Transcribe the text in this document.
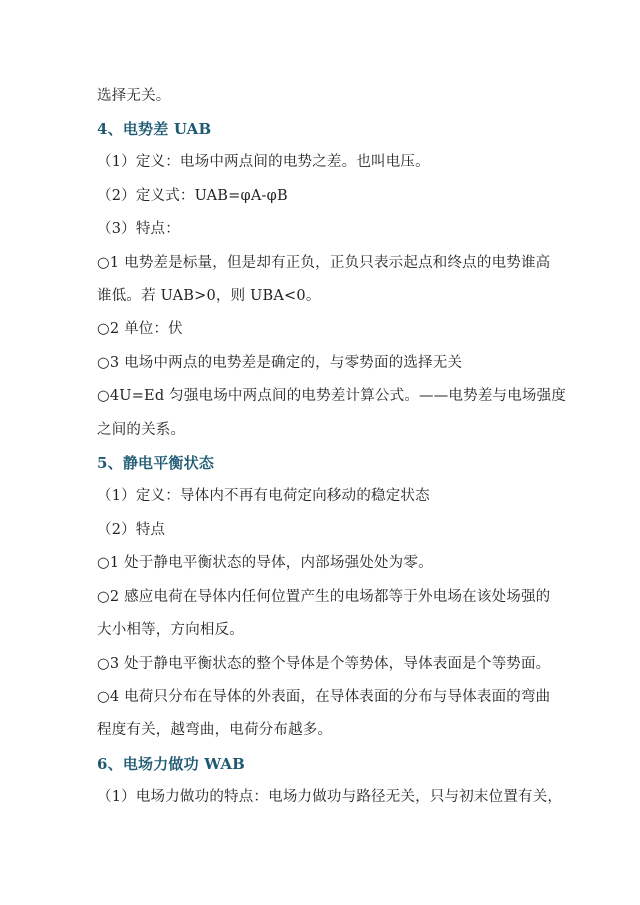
选择无关。
4、电势差 UAB
（1）定义：电场中两点间的电势之差。也叫电压。
（2）定义式：UAB=φA-φB
（3）特点：
○1 电势差是标量，但是却有正负，正负只表示起点和终点的电势谁高
谁低。若 UAB>0，则 UBA<0。
○2 单位：伏
○3 电场中两点的电势差是确定的，与零势面的选择无关
○4U=Ed 匀强电场中两点间的电势差计算公式。——电势差与电场强度
之间的关系。
5、静电平衡状态
（1）定义：导体内不再有电荷定向移动的稳定状态
（2）特点
○1 处于静电平衡状态的导体，内部场强处处为零。
○2 感应电荷在导体内任何位置产生的电场都等于外电场在该处场强的
大小相等，方向相反。
○3 处于静电平衡状态的整个导体是个等势体，导体表面是个等势面。
○4 电荷只分布在导体的外表面，在导体表面的分布与导体表面的弯曲
程度有关，越弯曲，电荷分布越多。
6、电场力做功 WAB
（1）电场力做功的特点：电场力做功与路径无关，只与初末位置有关，
